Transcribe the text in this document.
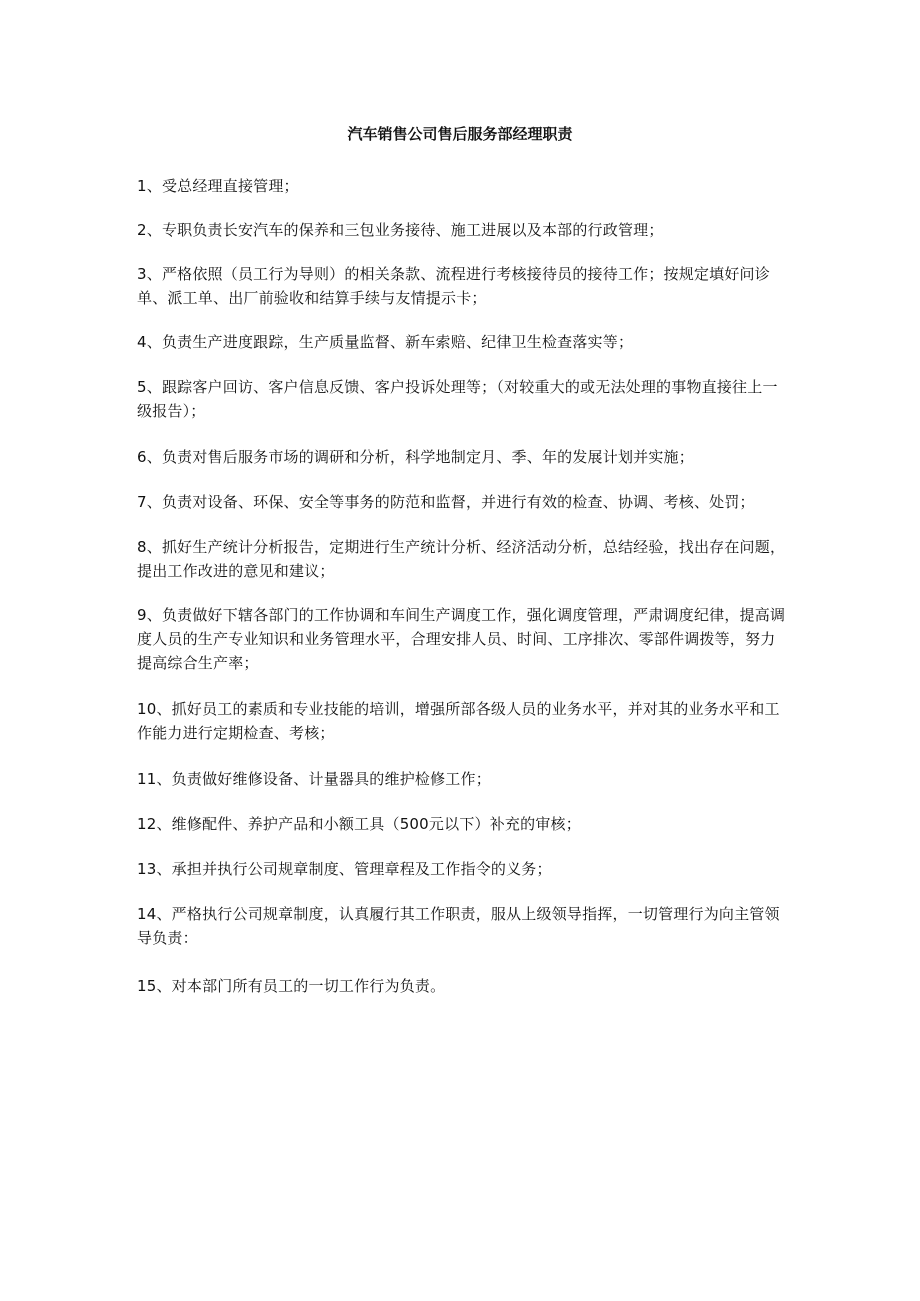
汽车销售公司售后服务部经理职责

1、受总经理直接管理；

2、专职负责长安汽车的保养和三包业务接待、施工进展以及本部的行政管理；

3、严格依照（员工行为导则）的相关条款、流程进行考核接待员的接待工作；按规定填好问诊单、派工单、出厂前验收和结算手续与友情提示卡；

4、负责生产进度跟踪，生产质量监督、新车索赔、纪律卫生检查落实等；

5、跟踪客户回访、客户信息反馈、客户投诉处理等；（对较重大的或无法处理的事物直接往上一级报告）；

6、负责对售后服务市场的调研和分析，科学地制定月、季、年的发展计划并实施；

7、负责对设备、环保、安全等事务的防范和监督，并进行有效的检查、协调、考核、处罚；

8、抓好生产统计分析报告，定期进行生产统计分析、经济活动分析，总结经验，找出存在问题，提出工作改进的意见和建议；

9、负责做好下辖各部门的工作协调和车间生产调度工作，强化调度管理，严肃调度纪律，提高调度人员的生产专业知识和业务管理水平，合理安排人员、时间、工序排次、零部件调拨等，努力提高综合生产率；

10、抓好员工的素质和专业技能的培训，增强所部各级人员的业务水平，并对其的业务水平和工作能力进行定期检查、考核；

11、负责做好维修设备、计量器具的维护检修工作；

12、维修配件、养护产品和小额工具（500元以下）补充的审核；

13、承担并执行公司规章制度、管理章程及工作指令的义务；

14、严格执行公司规章制度，认真履行其工作职责，服从上级领导指挥，一切管理行为向主管领导负责：

15、对本部门所有员工的一切工作行为负责。
